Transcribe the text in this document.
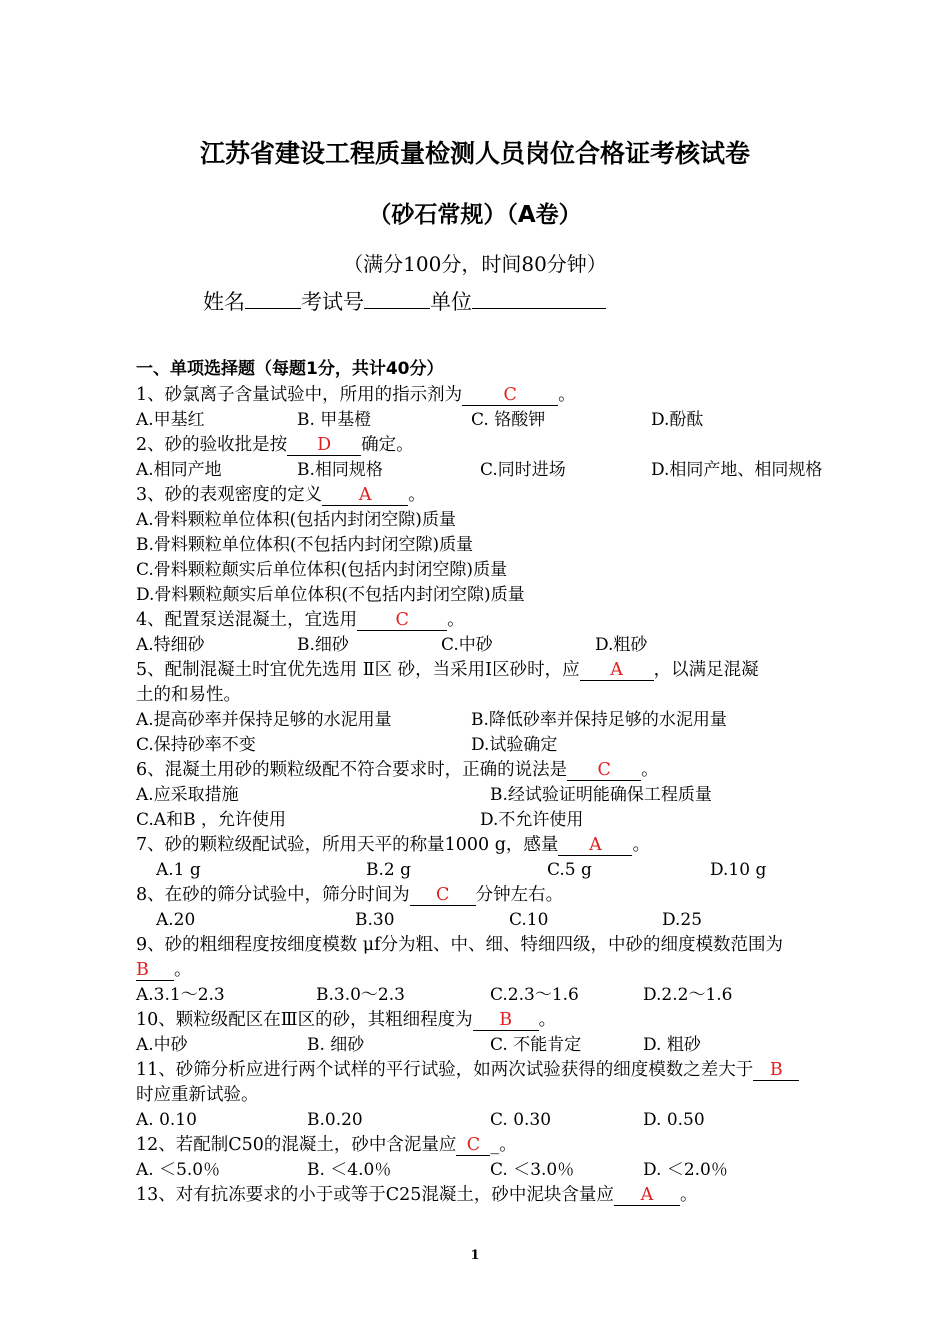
江苏省建设工程质量检测人员岗位合格证考核试卷
（砂石常规）（A卷）
（满分100分，时间80分钟）
姓名	考试号	单位
一、单项选择题（每题1分，共计40分）
1、砂氯离子含量试验中，所用的指示剂为 C 。
A.甲基红	B. 甲基橙	C. 铬酸钾	D.酚酞
2、砂的验收批是按 D 确定。
A.相同产地	B.相同规格	C.同时进场	D.相同产地、相同规格
3、砂的表观密度的定义 A 。
A.骨料颗粒单位体积(包括内封闭空隙)质量
B.骨料颗粒单位体积(不包括内封闭空隙)质量
C.骨料颗粒颠实后单位体积(包括内封闭空隙)质量
D.骨料颗粒颠实后单位体积(不包括内封闭空隙)质量
4、配置泵送混凝土，宜选用 C 。
A.特细砂	B.细砂	C.中砂	D.粗砂
5、配制混凝土时宜优先选用 Ⅱ区 砂，当采用Ⅰ区砂时，应 A ，以满足混凝
土的和易性。
A.提高砂率并保持足够的水泥用量	B.降低砂率并保持足够的水泥用量
C.保持砂率不变	D.试验确定
6、混凝土用砂的颗粒级配不符合要求时，正确的说法是 C 。
A.应采取措施	B.经试验证明能确保工程质量
C.A和B ，允许使用	D.不允许使用
7、砂的颗粒级配试验，所用天平的称量1000 g，感量 A 。
A.1 g	B.2 g	C.5 g	D.10 g
8、在砂的筛分试验中，筛分时间为 C 分钟左右。
A.20	B.30	C.10	D.25
9、砂的粗细程度按细度模数 μf分为粗、中、细、特细四级，中砂的细度模数范围为
B 。
A.3.1～2.3	B.3.0～2.3	C.2.3～1.6	D.2.2～1.6
10、颗粒级配区在Ⅲ区的砂，其粗细程度为 B 。
A.中砂	B. 细砂	C. 不能肯定	D. 粗砂
11、砂筛分析应进行两个试样的平行试验，如两次试验获得的细度模数之差大于 B
时应重新试验。
A. 0.10	B.0.20	C. 0.30	D. 0.50
12、若配制C50的混凝土，砂中含泥量应 C _。
A. ＜5.0％	B. ＜4.0％	C. ＜3.0％	D. ＜2.0％
13、对有抗冻要求的小于或等于C25混凝土，砂中泥块含量应 A 。
1
